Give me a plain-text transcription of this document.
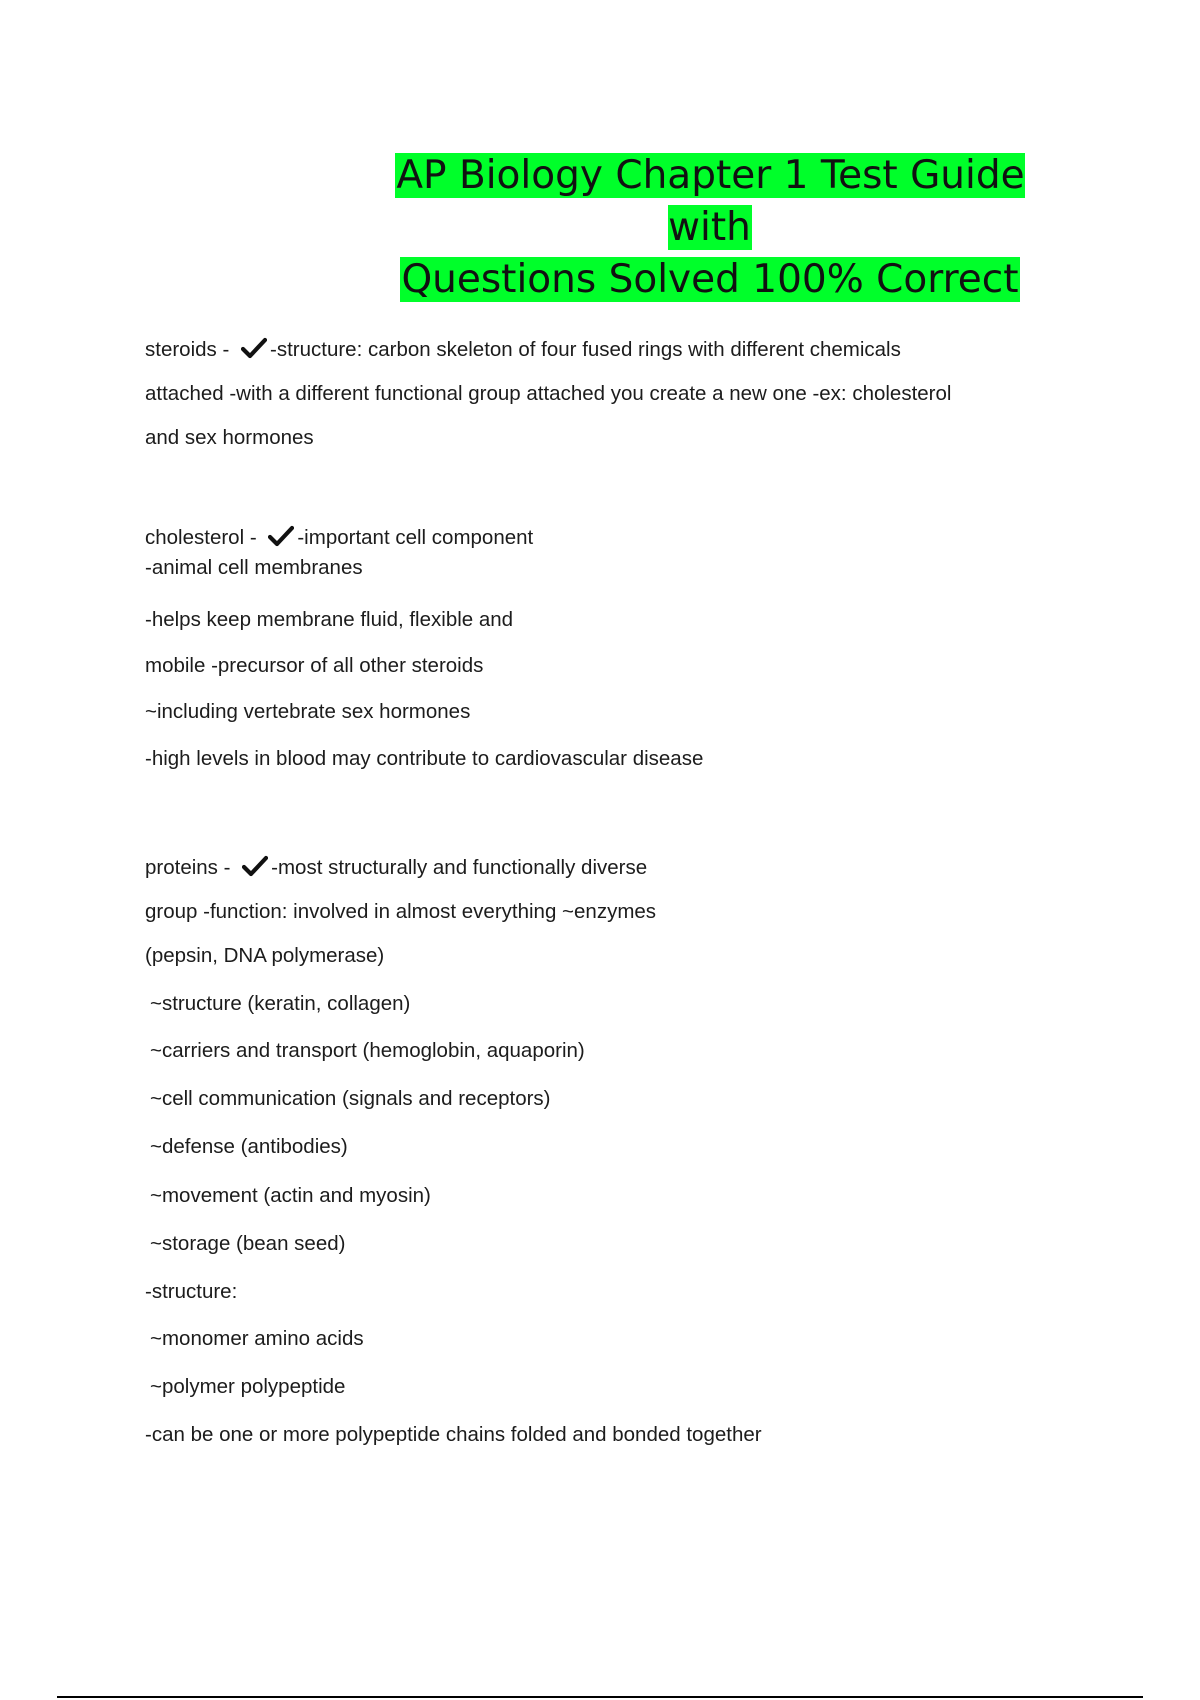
AP Biology Chapter 1 Test Guide with
Questions Solved 100% Correct
steroids - -structure: carbon skeleton of four fused rings with different chemicals
attached -with a different functional group attached you create a new one -ex: cholesterol
and sex hormones
cholesterol - -important cell component
-animal cell membranes
-helps keep membrane fluid, flexible and
mobile -precursor of all other steroids
~including vertebrate sex hormones
-high levels in blood may contribute to cardiovascular disease
proteins - -most structurally and functionally diverse
group -function: involved in almost everything ~enzymes
(pepsin, DNA polymerase)
~structure (keratin, collagen)
~carriers and transport (hemoglobin, aquaporin)
~cell communication (signals and receptors)
~defense (antibodies)
~movement (actin and myosin)
~storage (bean seed)
-structure:
~monomer amino acids
~polymer polypeptide
-can be one or more polypeptide chains folded and bonded together
